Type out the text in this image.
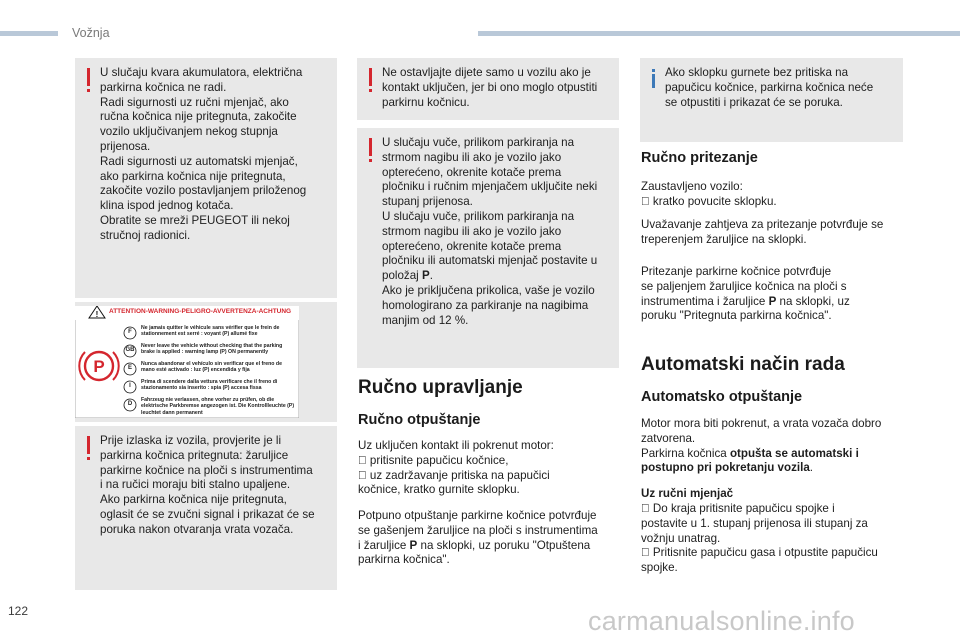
Vožnja
U slučaju kvara akumulatora, električna
parkirna kočnica ne radi.
Radi sigurnosti uz ručni mjenjač, ako
ručna kočnica nije pritegnuta, zakočite
vozilo uključivanjem nekog stupnja
prijenosa.
Radi sigurnosti uz automatski mjenjač,
ako parkirna kočnica nije pritegnuta,
zakočite vozilo postavljanjem priloženog
klina ispod jednog kotača.
Obratite se mreži PEUGEOT ili nekoj
stručnoj radionici.
!
P
ATTENTION-WARNING-PELIGRO-AVVERTENZA-ACHTUNG
F
GB
E
I
D
Ne jamais quitter le véhicule sans vérifier que le frein de stationnement est serré : voyant (P) allumé fixe
Never leave the vehicle without checking that the parking brake is applied : warning lamp (P) ON permanently
Nunca abandonar el vehículo sin verificar que el freno de mano esté activado : luz (P) encendida y fija
Prima di scendere dalla vettura verificare che il freno di stazionamento sia inserito : spia (P) accesa fissa
Fahrzeug nie verlassen, ohne vorher zu prüfen, ob die elektrische Parkbremse angezogen ist. Die Kontrollleuchte (P) leuchtet dann permanent
Prije izlaska iz vozila, provjerite je li
parkirna kočnica pritegnuta: žaruljice
parkirne kočnice na ploči s instrumentima
i na ručici moraju biti stalno upaljene.
Ako parkirna kočnica nije pritegnuta,
oglasit će se zvučni signal i prikazat će se
poruka nakon otvaranja vrata vozača.
Ne ostavljajte dijete samo u vozilu ako je
kontakt uključen, jer bi ono moglo otpustiti
parkirnu kočnicu.
U slučaju vuče, prilikom parkiranja na
strmom nagibu ili ako je vozilo jako
opterećeno, okrenite kotače prema
pločniku i ručnim mjenjačem uključite neki
stupanj prijenosa.
U slučaju vuče, prilikom parkiranja na
strmom nagibu ili ako je vozilo jako
opterećeno, okrenite kotače prema
pločniku ili automatski mjenjač postavite u
položaj P.
Ako je priključena prikolica, vaše je vozilo
homologirano za parkiranje na nagibima
manjim od 12 %.
Ručno upravljanje
Ručno otpuštanje
Uz uključen kontakt ili pokrenut motor:
pritisnite papučicu kočnice,
uz zadržavanje pritiska na papučici
kočnice, kratko gurnite sklopku.
Potpuno otpuštanje parkirne kočnice potvrđuje
se gašenjem žaruljice na ploči s instrumentima
i žaruljice P na sklopki, uz poruku "Otpuštena
parkirna kočnica".
Ako sklopku gurnete bez pritiska na
papučicu kočnice, parkirna kočnica neće
se otpustiti i prikazat će se poruka.
Ručno pritezanje
Zaustavljeno vozilo:
kratko povucite sklopku.
Uvažavanje zahtjeva za pritezanje potvrđuje se
treperenjem žaruljice na sklopki.
Pritezanje parkirne kočnice potvrđuje
se paljenjem žaruljice kočnica na ploči s
instrumentima i žaruljice P na sklopki, uz
poruku "Pritegnuta parkirna kočnica".
Automatski način rada
Automatsko otpuštanje
Motor mora biti pokrenut, a vrata vozača dobro
zatvorena.
Parkirna kočnica otpušta se automatski i
postupno pri pokretanju vozila.
Uz ručni mjenjač
Do kraja pritisnite papučicu spojke i
postavite u 1. stupanj prijenosa ili stupanj za
vožnju unatrag.
Pritisnite papučicu gasa i otpustite papučicu
spojke.
122	carmanualsonline.info
